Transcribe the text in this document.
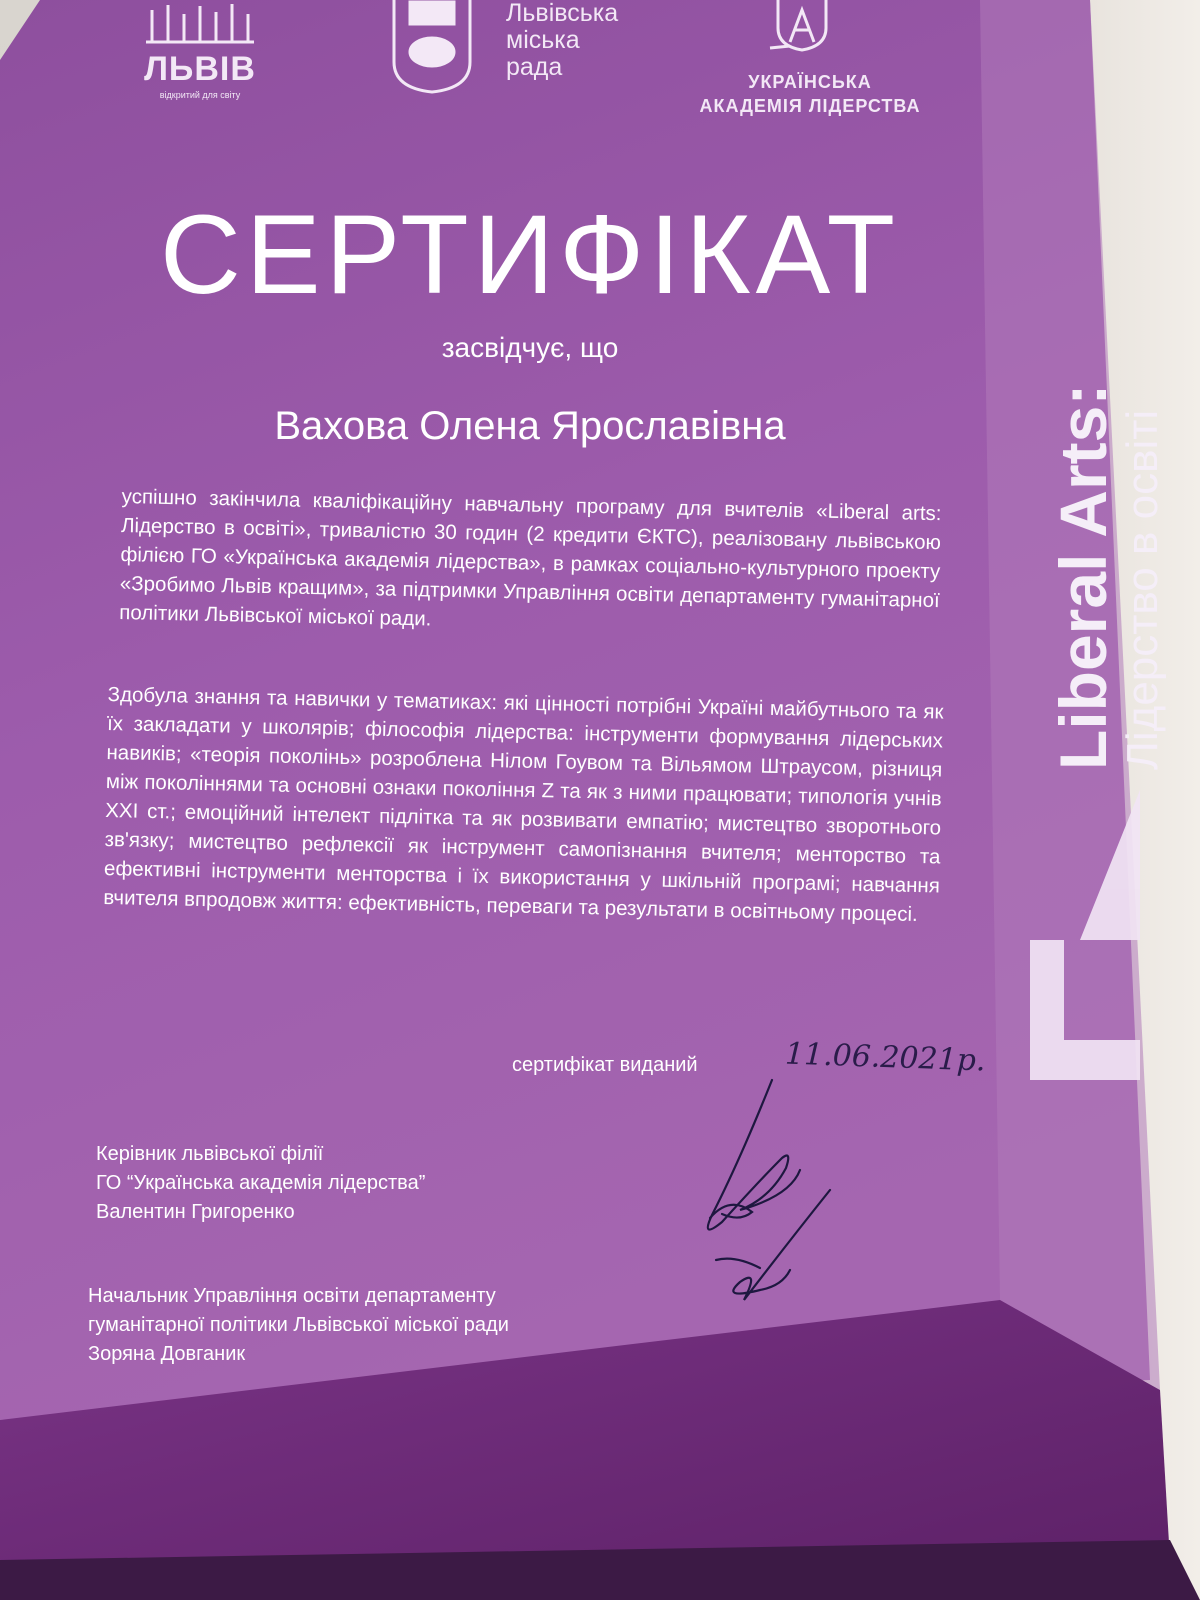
ЛЬВІВ
відкритий для світу
Львівська
міська
рада
УКРАЇНСЬКА
АКАДЕМІЯ ЛІДЕРСТВА
СЕРТИФІКАТ
засвідчує, що
Вахова Олена Ярославівна
успішно закінчила кваліфікаційну навчальну програму для вчителів «Liberal arts: Лідерство в освіті», тривалістю 30 годин (2 кредити ЄКТС), реалізовану львівською філією ГО «Українська академія лідерства», в рамках соціально-культурного проекту «Зробимо Львів кращим», за підтримки Управління освіти департаменту гуманітарної політики Львівської міської ради.
Здобула знання та навички у тематиках: які цінності потрібні Україні майбутнього та як їх закладати у школярів; філософія лідерства: інструменти формування лідерських навиків; «теорія поколінь» розроблена Нілом Гоувом та Вільямом Штраусом, різниця між поколіннями та основні ознаки покоління Z та як з ними працювати; типологія учнів XXI ст.; емоційний інтелект підлітка та як розвивати емпатію; мистецтво зворотнього зв'язку; мистецтво рефлексії як інструмент самопізнання вчителя; менторство та ефективні інструменти менторства і їх використання у шкільній програмі; навчання вчителя впродовж життя: ефективність, переваги та результати в освітньому процесі.
сертифікат виданий	11.06.2021р.
Керівник львівської філії
ГО “Українська академія лідерства”
Валентин Григоренко
Начальник Управління освіти департаменту
гуманітарної політики Львівської міської ради
Зоряна Довганик
Liberal Arts:
Лідерство в освіті
